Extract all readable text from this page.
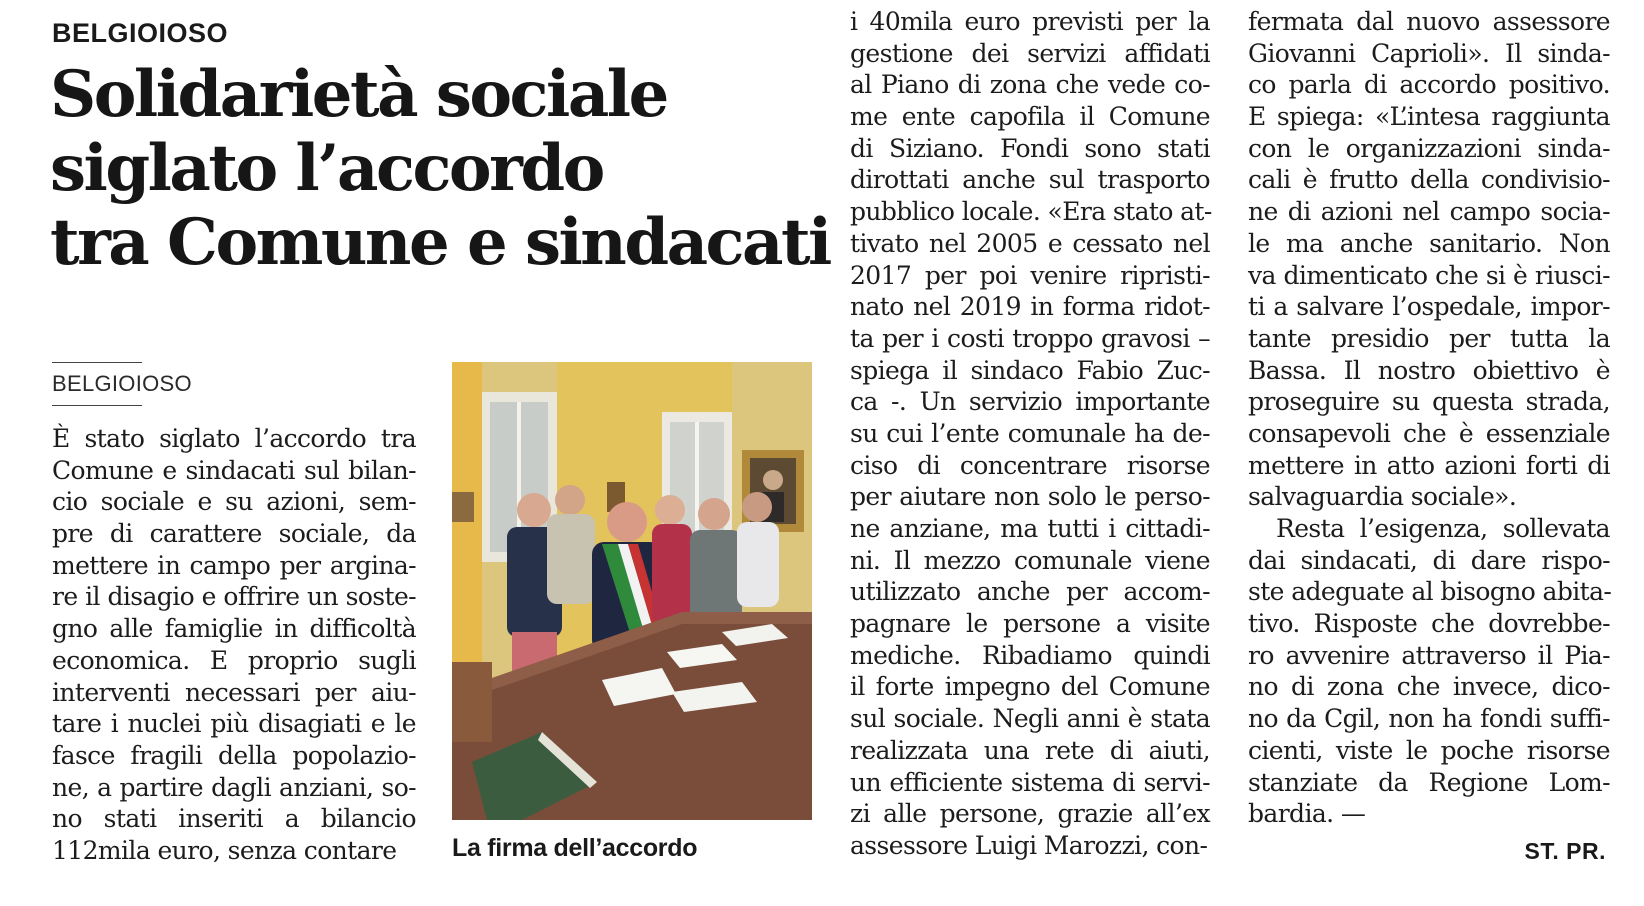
BELGIOIOSO
Solidarietà sociale
siglato l’accordo
tra Comune e sindacati
BELGIOIOSO
È stato siglato l’accordo tra
Comune e sindacati sul bilan-
cio sociale e su azioni, sem-
pre di carattere sociale, da
mettere in campo per argina-
re il disagio e offrire un soste-
gno alle famiglie in difficoltà
economica. E proprio sugli
interventi necessari per aiu-
tare i nuclei più disagiati e le
fasce fragili della popolazio-
ne, a partire dagli anziani, so-
no stati inseriti a bilancio
112mila euro, senza contare
i 40mila euro previsti per la
gestione dei servizi affidati
al Piano di zona che vede co-
me ente capofila il Comune
di Siziano. Fondi sono stati
dirottati anche sul trasporto
pubblico locale. «Era stato at-
tivato nel 2005 e cessato nel
2017 per poi venire ripristi-
nato nel 2019 in forma ridot-
ta per i costi troppo gravosi –
spiega il sindaco Fabio Zuc-
ca -. Un servizio importante
su cui l’ente comunale ha de-
ciso di concentrare risorse
per aiutare non solo le perso-
ne anziane, ma tutti i cittadi-
ni. Il mezzo comunale viene
utilizzato anche per accom-
pagnare le persone a visite
mediche. Ribadiamo quindi
il forte impegno del Comune
sul sociale. Negli anni è stata
realizzata una rete di aiuti,
un efficiente sistema di servi-
zi alle persone, grazie all’ex
assessore Luigi Marozzi, con-
fermata dal nuovo assessore
Giovanni Caprioli». Il sinda-
co parla di accordo positivo.
E spiega: «L’intesa raggiunta
con le organizzazioni sinda-
cali è frutto della condivisio-
ne di azioni nel campo socia-
le ma anche sanitario. Non
va dimenticato che si è riusci-
ti a salvare l’ospedale, impor-
tante presidio per tutta la
Bassa. Il nostro obiettivo è
proseguire su questa strada,
consapevoli che è essenziale
mettere in atto azioni forti di
salvaguardia sociale».
Resta l’esigenza, sollevata
dai sindacati, di dare rispo-
ste adeguate al bisogno abita-
tivo. Risposte che dovrebbe-
ro avvenire attraverso il Pia-
no di zona che invece, dico-
no da Cgil, non ha fondi suffi-
cienti, viste le poche risorse
stanziate da Regione Lom-
bardia. —
La firma dell’accordo	ST. PR.
